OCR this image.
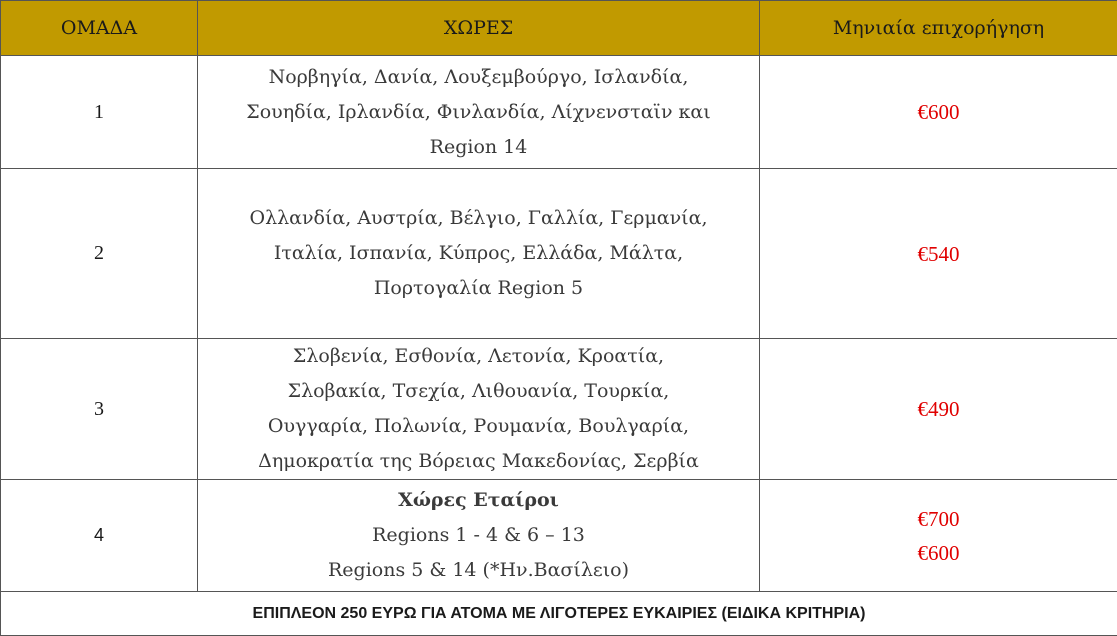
ΟΜΑΔΑ	ΧΩΡΕΣ	Μηνιαία επιχορήγηση
1	Νορβηγία, Δανία, Λουξεμβούργο, Ισλανδία,
Σουηδία, Ιρλανδία, Φινλανδία, Λίχνενσταϊν και
Region 14	€600

2	Ολλανδία, Αυστρία, Βέλγιο, Γαλλία, Γερμανία,
Ιταλία, Ισπανία, Κύπρος, Ελλάδα, Μάλτα,
Πορτογαλία Region 5	€540

3	Σλοβενία, Εσθονία, Λετονία, Κροατία,
Σλοβακία, Τσεχία, Λιθουανία, Τουρκία,
Ουγγαρία, Πολωνία, Ρουμανία, Βουλγαρία,
Δημοκρατία της Βόρειας Μακεδονίας, Σερβία	€490

4	Χώρες Εταίροι
Regions 1 - 4 & 6 – 13
Regions 5 & 14 (*Ην.Βασίλειο)	€700
€600

ΕΠΙΠΛΕΟΝ 250 ΕΥΡΩ ΓΙΑ ΑΤΟΜΑ ΜΕ ΛΙΓΟΤΕΡΕΣ ΕΥΚΑΙΡΙΕΣ (ΕΙΔΙΚΑ ΚΡΙΤΗΡΙΑ)		
